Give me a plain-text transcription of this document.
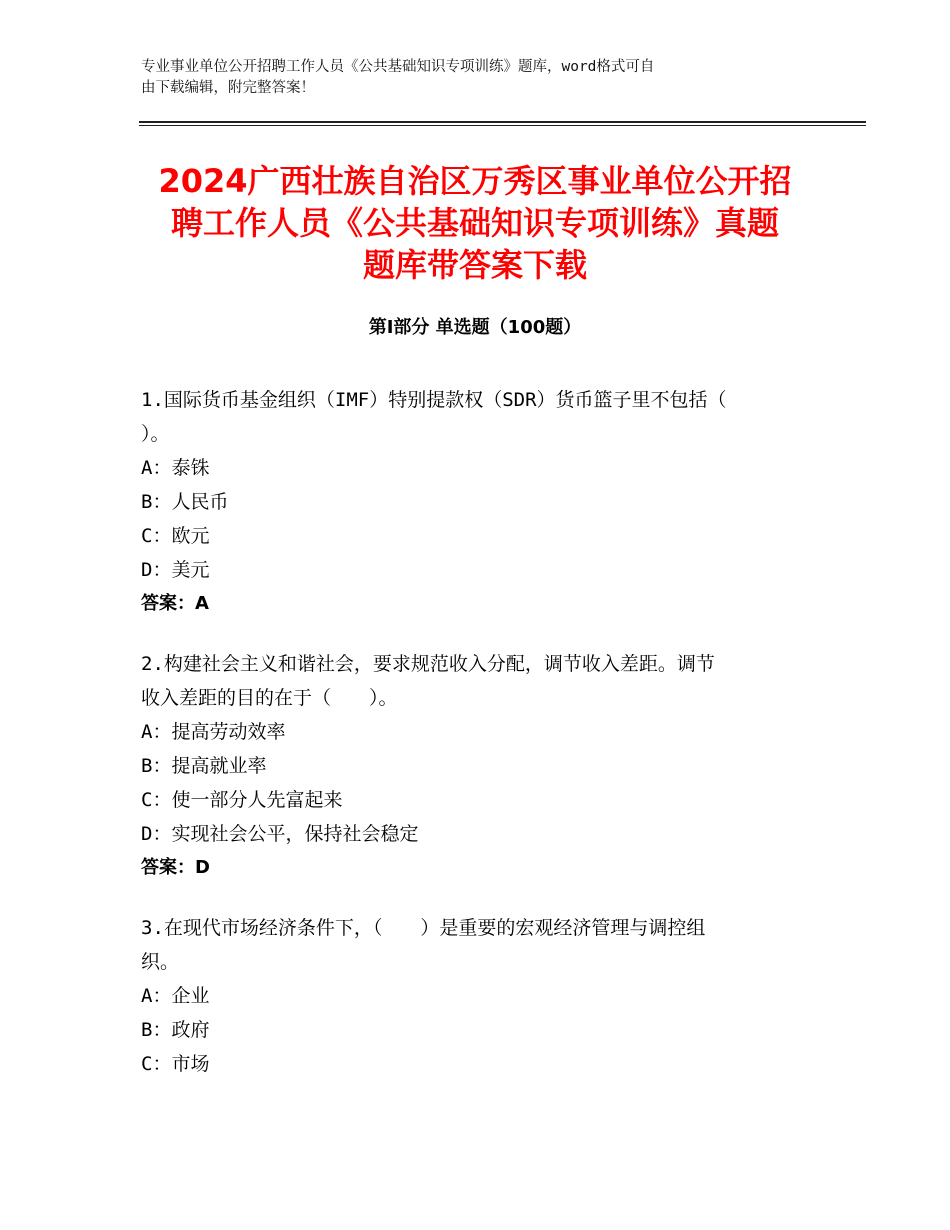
专业事业单位公开招聘工作人员《公共基础知识专项训练》题库，word格式可自
由下载编辑，附完整答案！
2024广西壮族自治区万秀区事业单位公开招
聘工作人员《公共基础知识专项训练》真题
题库带答案下载
第Ⅰ部分 单选题（100题）

1.国际货币基金组织（IMF）特别提款权（SDR）货币篮子里不包括（

）。

A：泰铢

B：人民币

C：欧元

D：美元

答案：A

2.构建社会主义和谐社会，要求规范收入分配，调节收入差距。调节

收入差距的目的在于（　　）。

A：提高劳动效率

B：提高就业率

C：使一部分人先富起来

D：实现社会公平，保持社会稳定

答案：D

3.在现代市场经济条件下，（　　）是重要的宏观经济管理与调控组

织。

A：企业

B：政府

C：市场
